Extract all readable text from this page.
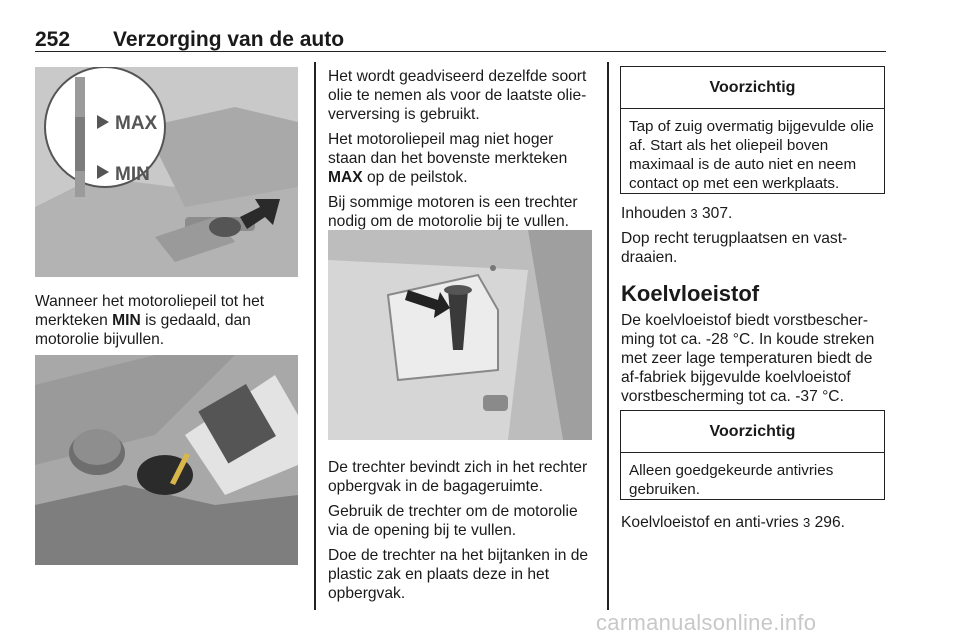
252 Verzorging van de auto
MAX
MIN

Wanneer het motoroliepeil tot het merkteken MIN is gedaald, dan motorolie bijvullen.

Het wordt geadviseerd dezelfde soort olie te nemen als voor de laatste olieverversing is gebruikt.

Het motoroliepeil mag niet hoger staan dan het bovenste merkteken MAX op de peilstok.

Bij sommige motoren is een trechter nodig om de motorolie bij te vullen.

De trechter bevindt zich in het rechter opbergvak in de bagageruimte.

Gebruik de trechter om de motorolie via de opening bij te vullen.

Doe de trechter na het bijtanken in de plastic zak en plaats deze in het opbergvak.

Voorzichtig
Tap of zuig overmatig bijgevulde olie af. Start als het oliepeil boven maximaal is de auto niet en neem contact op met een werkplaats.

Inhouden 3 307.

Dop recht terugplaatsen en vastdraaien.

Koelvloeistof

De koelvloeistof biedt vorstbescherming tot ca. -28 °C. In koude streken met zeer lage temperaturen biedt de af-fabriek bijgevulde koelvloeistof vorstbescherming tot ca. -37 °C.

Voorzichtig
Alleen goedgekeurde antivries gebruiken.

Koelvloeistof en anti-vries 3 296.

carmanualsonline.info
